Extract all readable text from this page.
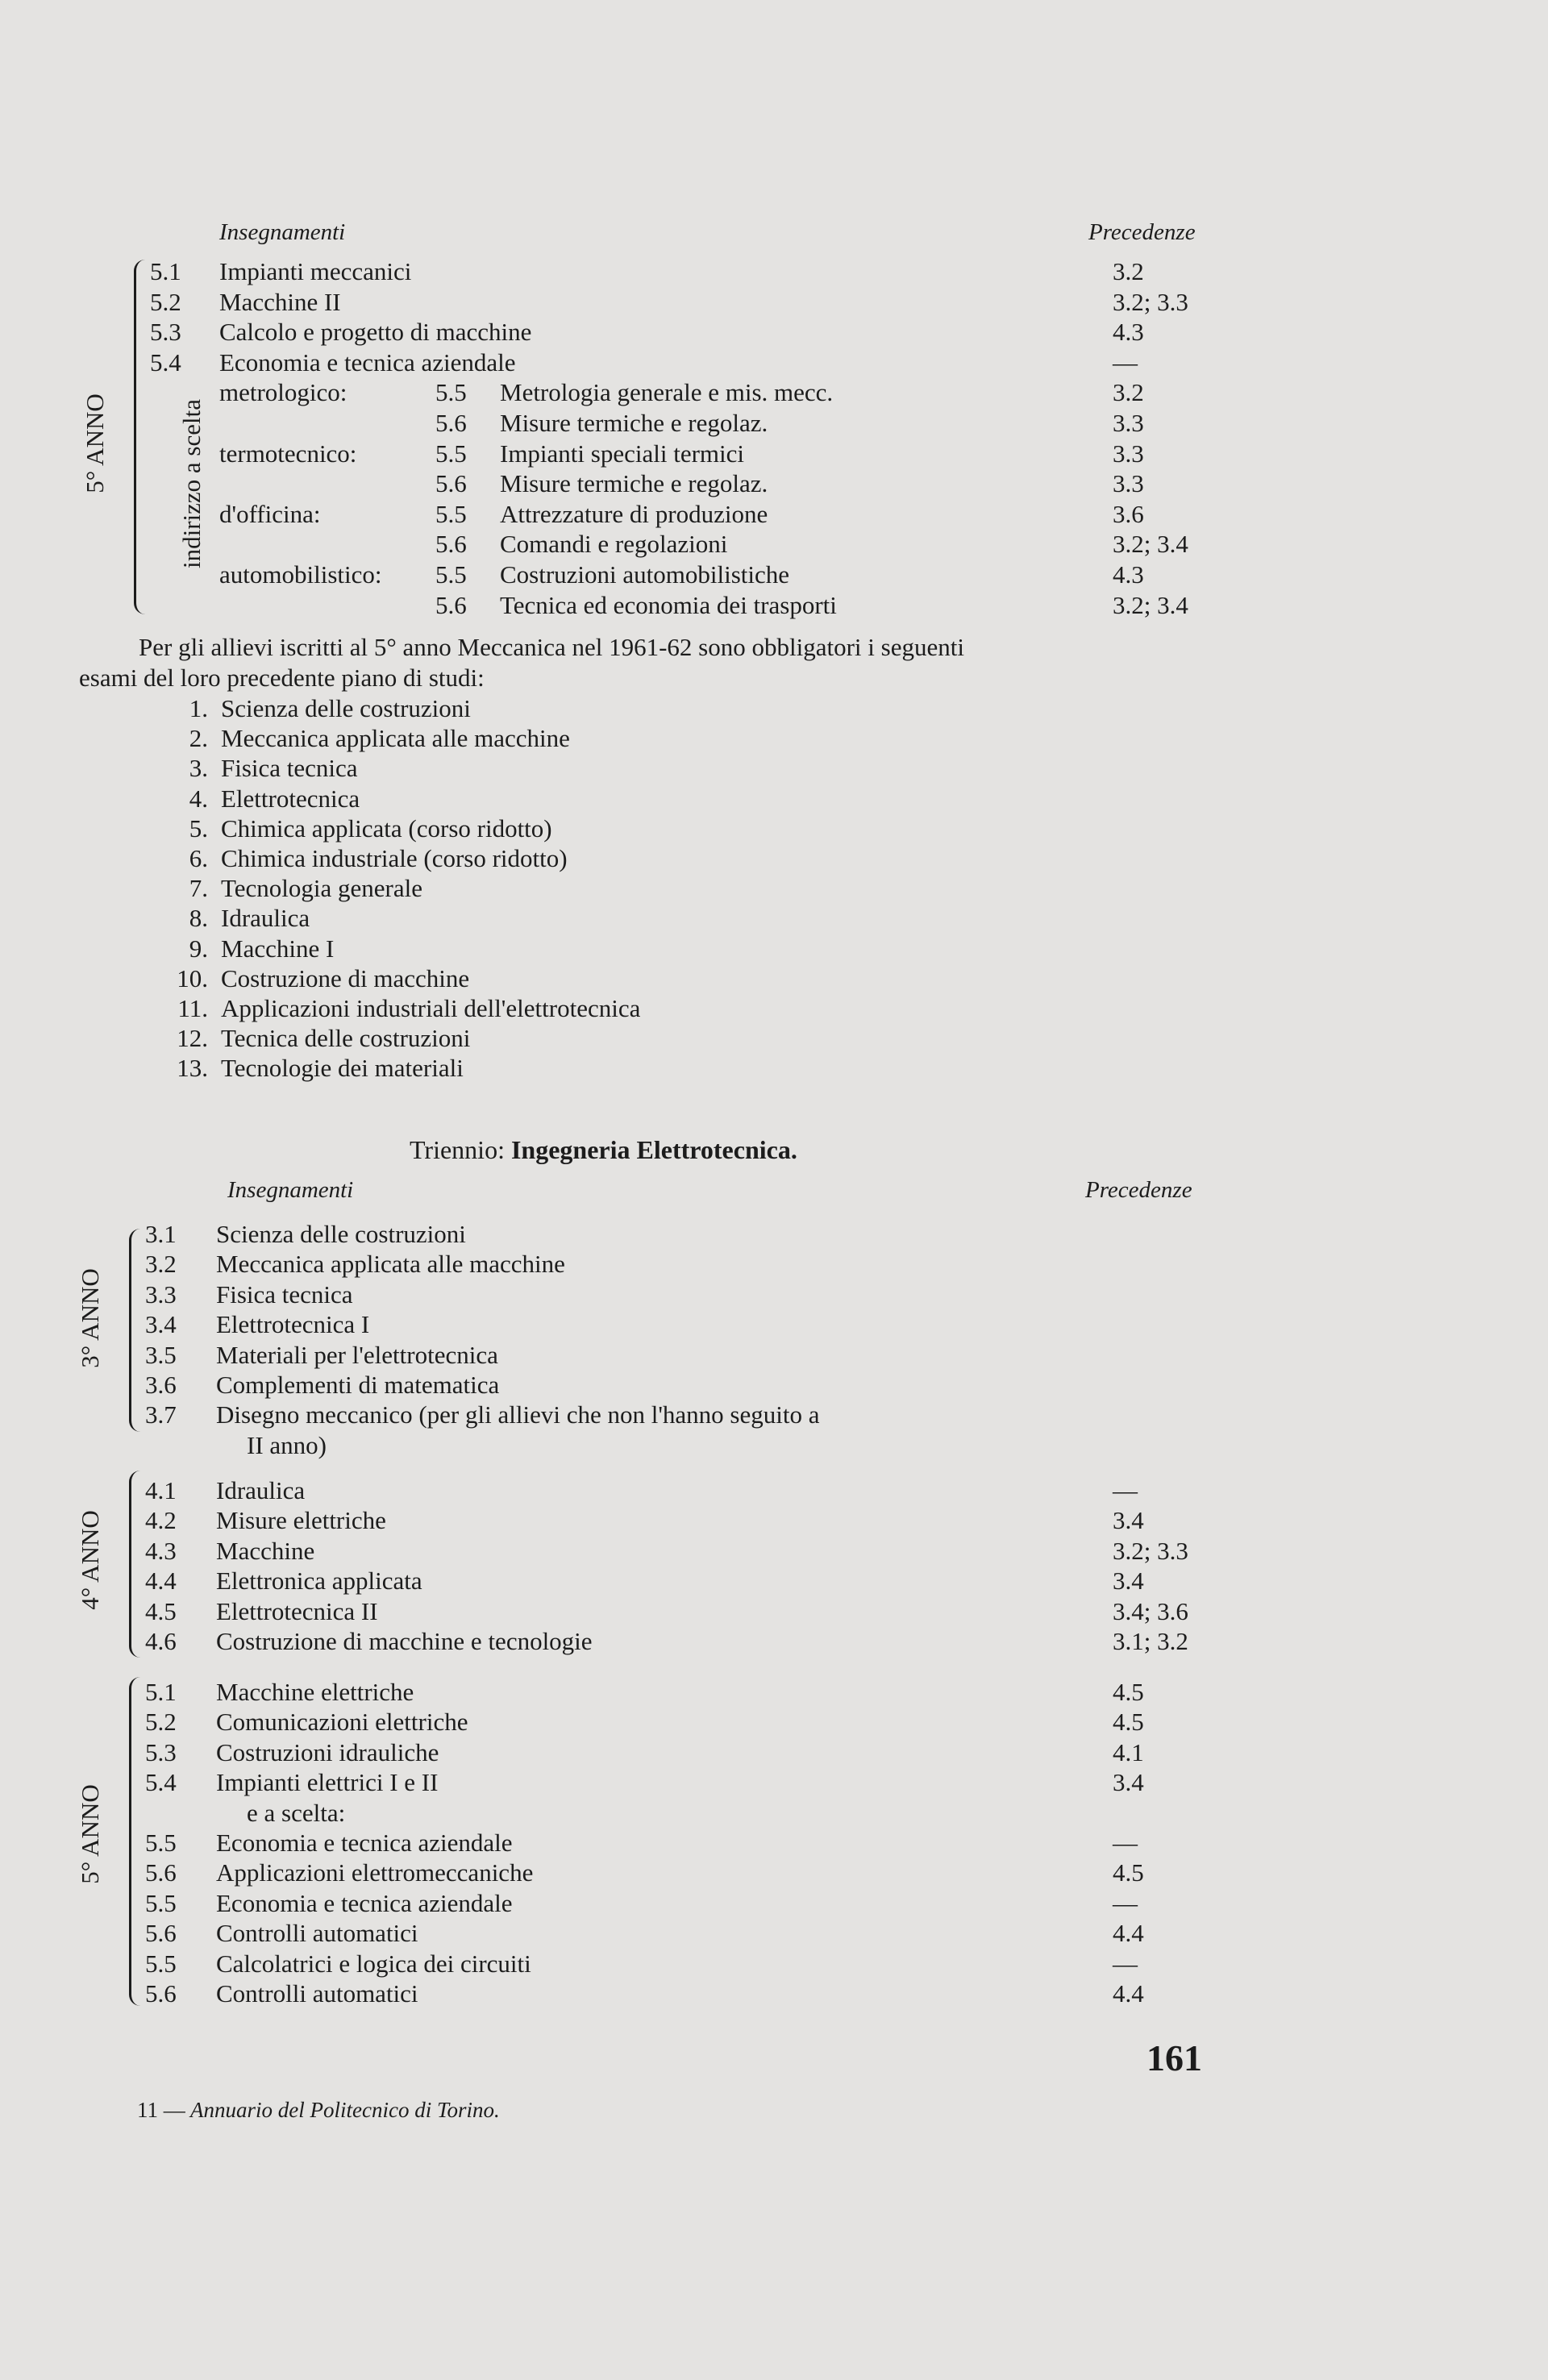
Insegnamenti	Precedenze
5° ANNO	indirizzo a scelta
5.1 Impianti meccanici	3.2
5.2 Macchine II	3.2; 3.3
5.3 Calcolo e progetto di macchine	4.3
5.4 Economia e tecnica aziendale	—
metrologico:	5.5 Metrologia generale e mis. mecc.	3.2
5.6 Misure termiche e regolaz.	3.3
termotecnico:	5.5 Impianti speciali termici	3.3
5.6 Misure termiche e regolaz.	3.3
d'officina:	5.5 Attrezzature di produzione	3.6
5.6 Comandi e regolazioni	3.2; 3.4
automobilistico: 5.5 Costruzioni automobilistiche	4.3
5.6 Tecnica ed economia dei trasporti	3.2; 3.4
Per gli allievi iscritti al 5° anno Meccanica nel 1961-62 sono obbligatori i seguenti
esami del loro precedente piano di studi:
1. Scienza delle costruzioni
2. Meccanica applicata alle macchine
3. Fisica tecnica
4. Elettrotecnica
5. Chimica applicata (corso ridotto)
6. Chimica industriale (corso ridotto)
7. Tecnologia generale
8. Idraulica
9. Macchine I
10. Costruzione di macchine
11. Applicazioni industriali dell'elettrotecnica
12. Tecnica delle costruzioni
13. Tecnologie dei materiali
Triennio: Ingegneria Elettrotecnica.
Insegnamenti	Precedenze
3° ANNO
4° ANNO
5° ANNO
3.1 Scienza delle costruzioni
3.2 Meccanica applicata alle macchine
3.3 Fisica tecnica
3.4 Elettrotecnica I
3.5 Materiali per l'elettrotecnica
3.6 Complementi di matematica
3.7 Disegno meccanico (per gli allievi che non l'hanno seguito a
II anno)
4.1 Idraulica	—
4.2 Misure elettriche	3.4
4.3 Macchine	3.2; 3.3
4.4 Elettronica applicata	3.4
4.5 Elettrotecnica II	3.4; 3.6
4.6 Costruzione di macchine e tecnologie	3.1; 3.2
5.1 Macchine elettriche	4.5
5.2 Comunicazioni elettriche	4.5
5.3 Costruzioni idrauliche	4.1
5.4 Impianti elettrici I e II	3.4
e a scelta:
5.5 Economia e tecnica aziendale	—
5.6 Applicazioni elettromeccaniche	4.5
5.5 Economia e tecnica aziendale	—
5.6 Controlli automatici	4.4
5.5 Calcolatrici e logica dei circuiti	—
5.6 Controlli automatici	4.4
161
11 — Annuario del Politecnico di Torino.
